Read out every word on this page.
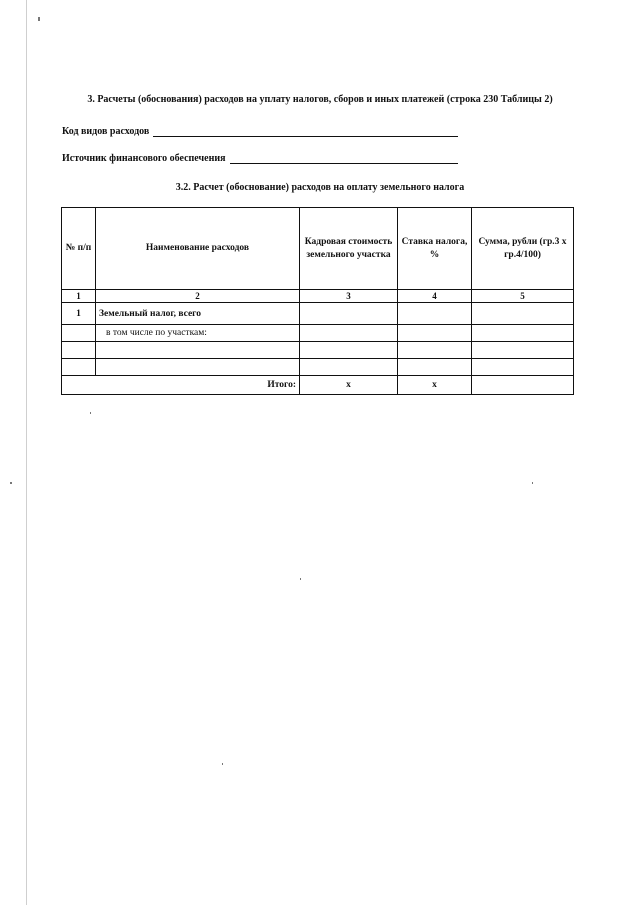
3. Расчеты (обоснования) расходов на уплату налогов, сборов и иных платежей (строка 230 Таблицы 2)
Код видов расходов
Источник финансового обеспечения
3.2. Расчет (обоснование) расходов на оплату земельного налога
№ п/п	Наименование расходов	Кадровая стоимость земельного участка	Ставка налога, %	Сумма, рубли (гр.3 х гр.4/100)
1	2	3	4	5
1	Земельный налог, всего			
	в том числе по участкам:			

Итого:		х	х	
